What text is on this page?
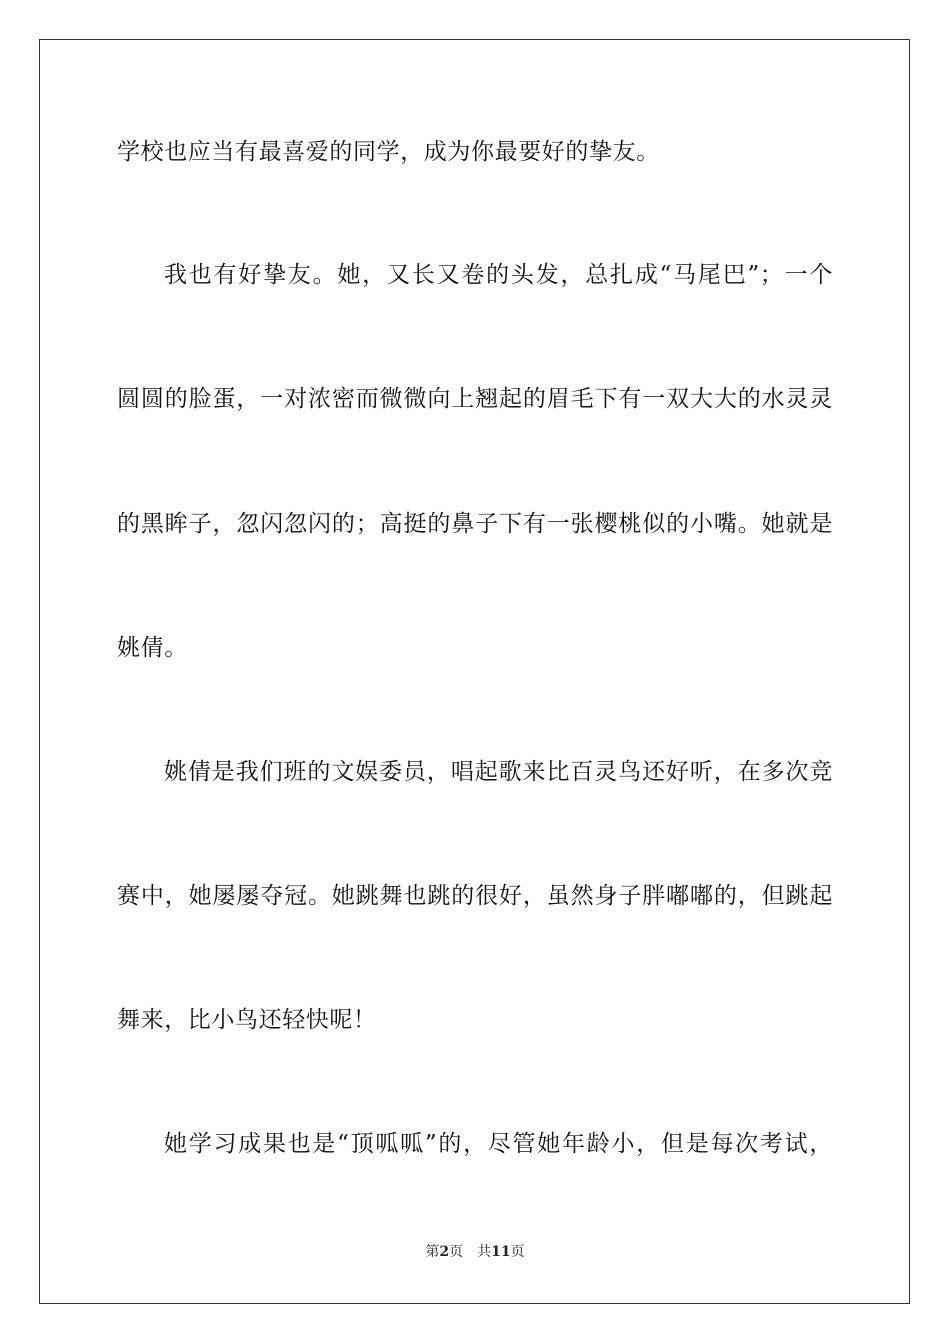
学校也应当有最喜爱的同学，成为你最要好的挚友。
我也有好挚友。她，又长又卷的头发，总扎成“马尾巴”；一个
圆圆的脸蛋，一对浓密而微微向上翘起的眉毛下有一双大大的水灵灵
的黑眸子，忽闪忽闪的；高挺的鼻子下有一张樱桃似的小嘴。她就是
姚倩。
姚倩是我们班的文娱委员，唱起歌来比百灵鸟还好听，在多次竞
赛中，她屡屡夺冠。她跳舞也跳的很好，虽然身子胖嘟嘟的，但跳起
舞来，比小鸟还轻快呢！
她学习成果也是“顶呱呱”的，尽管她年龄小，但是每次考试，
第2页 共11页
